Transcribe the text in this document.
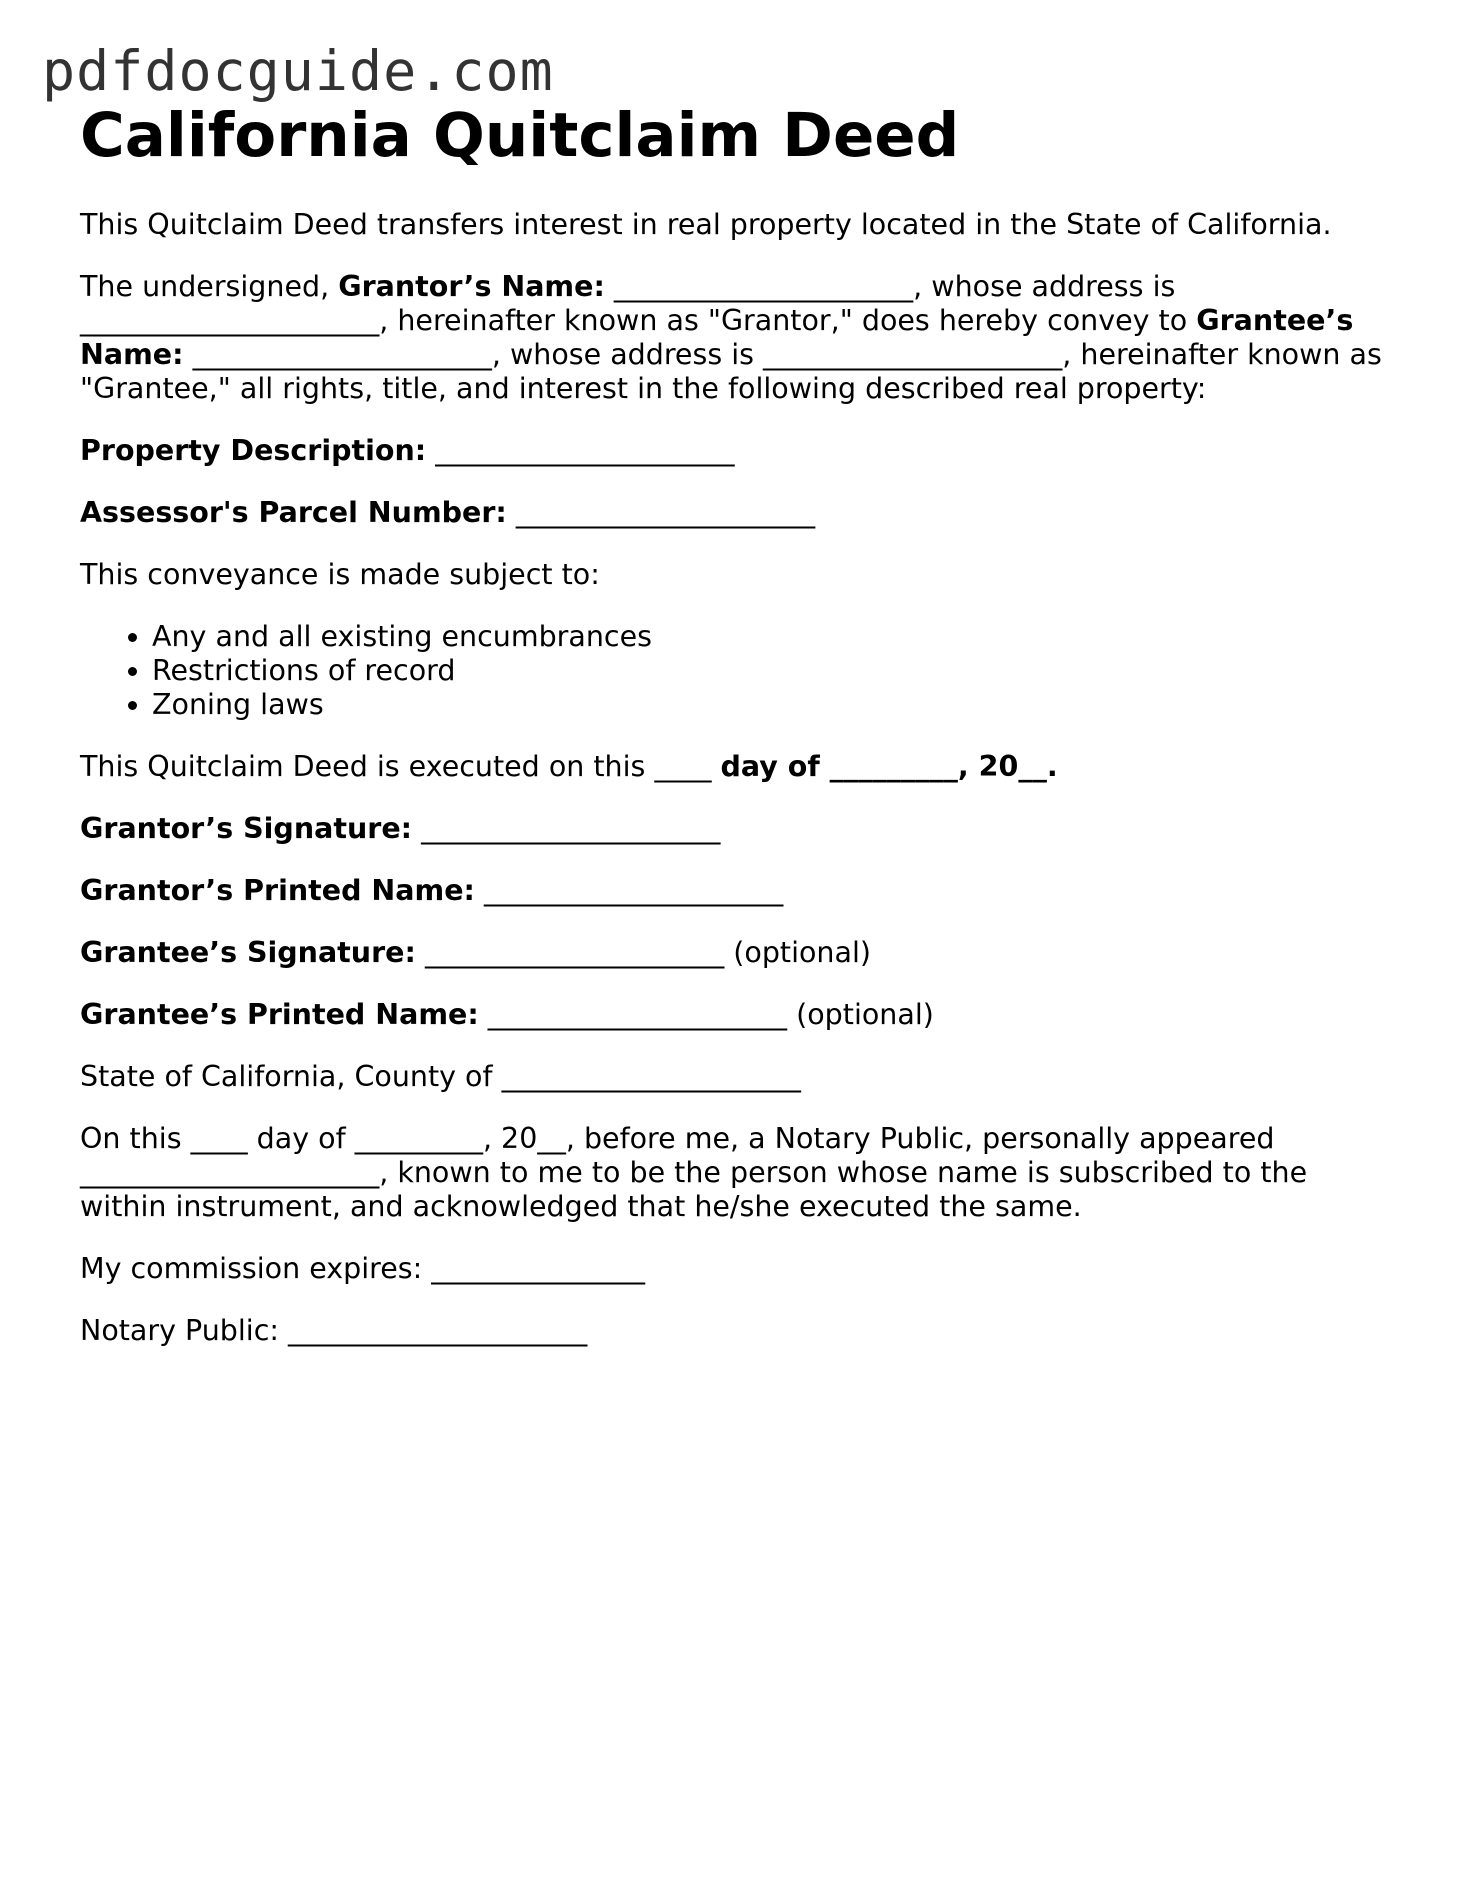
pdfdocguide.com
California Quitclaim Deed

This Quitclaim Deed transfers interest in real property located in the State of California.

The undersigned, Grantor’s Name: _____________________, whose address is _____________________, hereinafter known as "Grantor," does hereby convey to Grantee’s Name: _____________________, whose address is _____________________, hereinafter known as "Grantee," all rights, title, and interest in the following described real property:

Property Description: _____________________

Assessor's Parcel Number: _____________________

This conveyance is made subject to:

• Any and all existing encumbrances
• Restrictions of record
• Zoning laws

This Quitclaim Deed is executed on this ____ day of _________, 20__.

Grantor’s Signature: _____________________

Grantor’s Printed Name: _____________________

Grantee’s Signature: _____________________ (optional)

Grantee’s Printed Name: _____________________ (optional)

State of California, County of _____________________

On this ____ day of _________, 20__, before me, a Notary Public, personally appeared _____________________, known to me to be the person whose name is subscribed to the within instrument, and acknowledged that he/she executed the same.

My commission expires: _______________

Notary Public: _____________________
